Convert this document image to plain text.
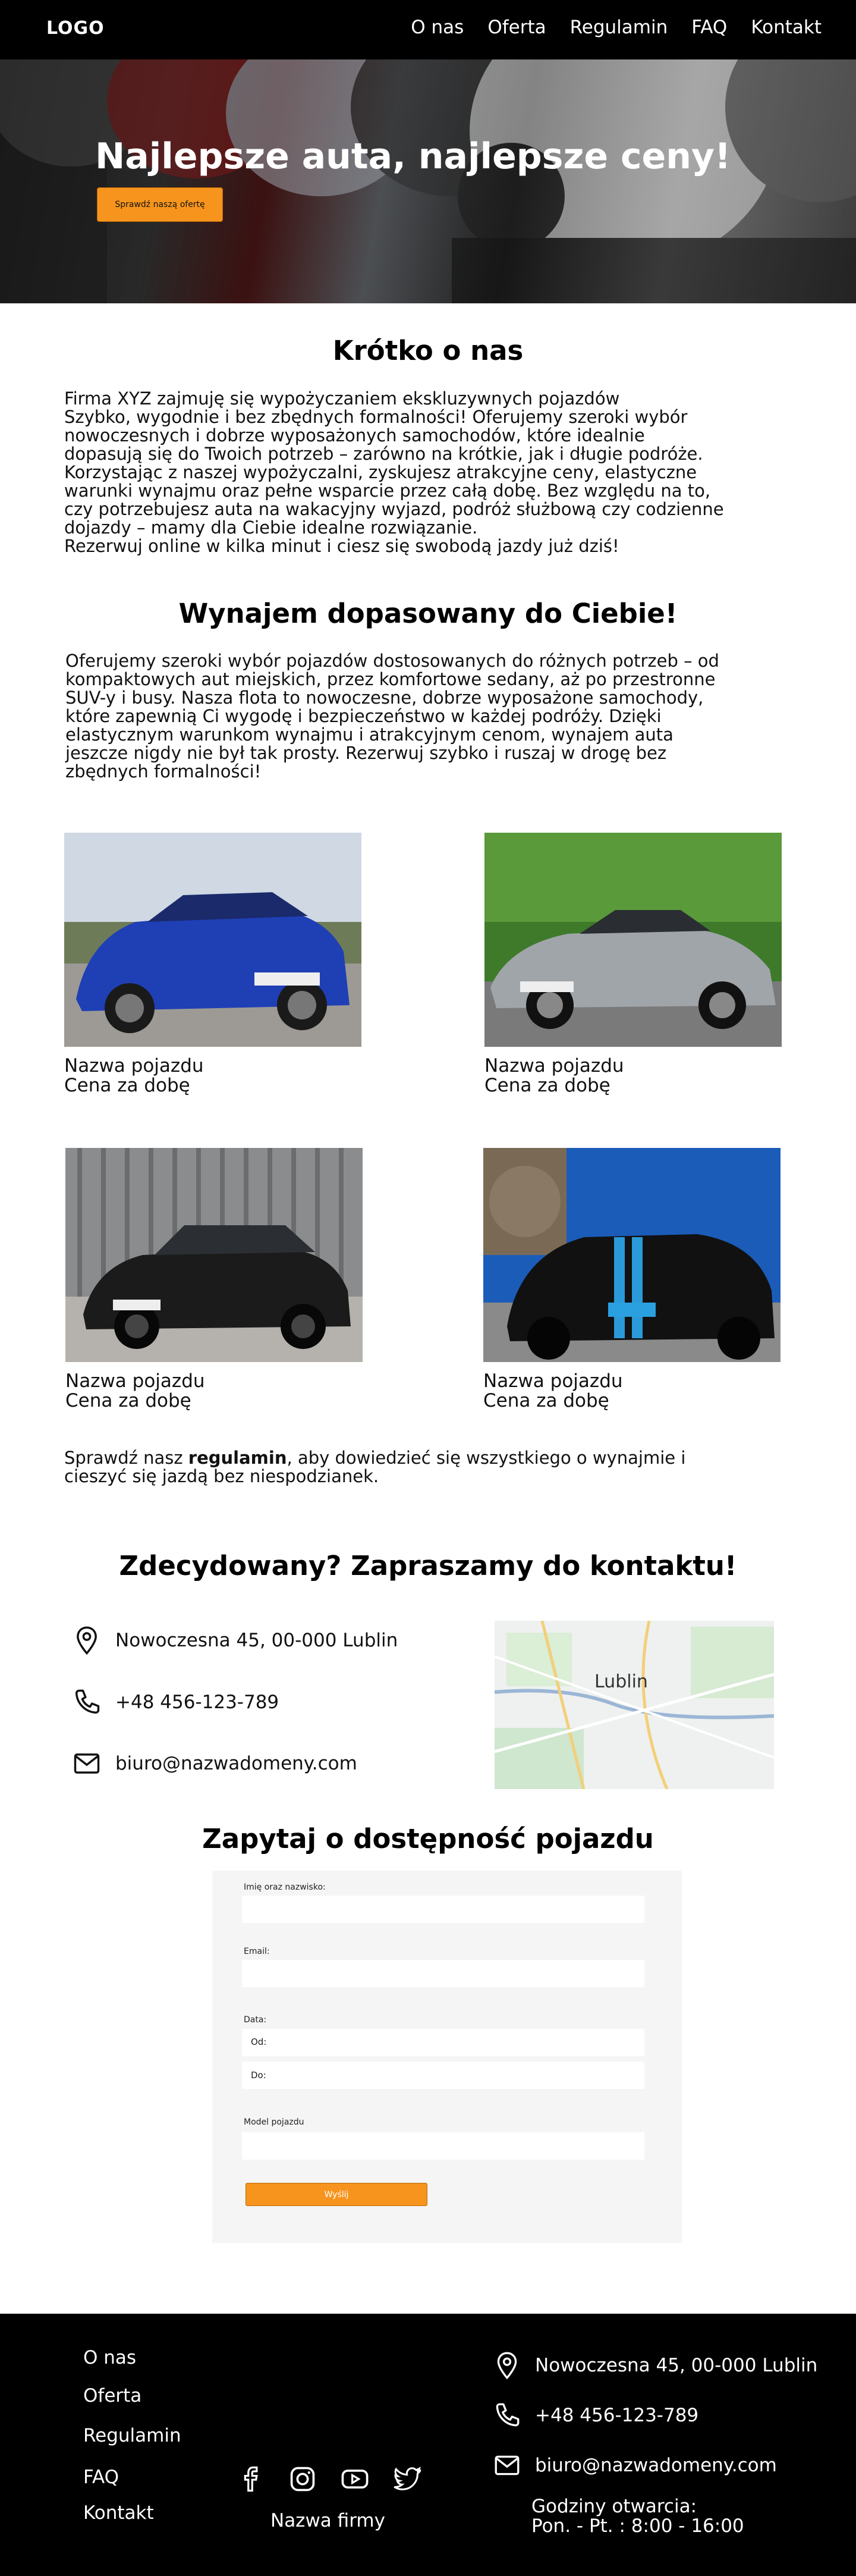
LOGO	O nas Oferta Regulamin FAQ Kontakt
Najlepsze auta, najlepsze ceny!
Sprawdź naszą ofertę
Krótko o nas
Firma XYZ zajmuję się wypożyczaniem ekskluzywnych pojazdów
Szybko, wygodnie i bez zbędnych formalności! Oferujemy szeroki wybór
nowoczesnych i dobrze wyposażonych samochodów, które idealnie
dopasują się do Twoich potrzeb – zarówno na krótkie, jak i długie podróże.
Korzystając z naszej wypożyczalni, zyskujesz atrakcyjne ceny, elastyczne
warunki wynajmu oraz pełne wsparcie przez całą dobę. Bez względu na to,
czy potrzebujesz auta na wakacyjny wyjazd, podróż służbową czy codzienne
dojazdy – mamy dla Ciebie idealne rozwiązanie.
Rezerwuj online w kilka minut i ciesz się swobodą jazdy już dziś!
Wynajem dopasowany do Ciebie!
Oferujemy szeroki wybór pojazdów dostosowanych do różnych potrzeb – od
kompaktowych aut miejskich, przez komfortowe sedany, aż po przestronne
SUV-y i busy. Nasza flota to nowoczesne, dobrze wyposażone samochody,
które zapewnią Ci wygodę i bezpieczeństwo w każdej podróży. Dzięki
elastycznym warunkom wynajmu i atrakcyjnym cenom, wynajem auta
jeszcze nigdy nie był tak prosty. Rezerwuj szybko i ruszaj w drogę bez
zbędnych formalności!
Nazwa pojazdu
Cena za dobę
Nazwa pojazdu
Cena za dobę
Nazwa pojazdu
Cena za dobę
Nazwa pojazdu
Cena za dobę
Sprawdź nasz regulamin, aby dowiedzieć się wszystkiego o wynajmie i
cieszyć się jazdą bez niespodzianek.
Zdecydowany? Zapraszamy do kontaktu!
Nowoczesna 45, 00-000 Lublin
+48 456-123-789
biuro@nazwadomeny.com
Lublin
Zapytaj o dostępność pojazdu
Imię oraz nazwisko:
Email:
Data:
Od:
Do:
Model pojazdu
Wyślij
O nas
Oferta
Regulamin
FAQ
Kontakt	Nazwa firmy
Nowoczesna 45, 00-000 Lublin
+48 456-123-789
biuro@nazwadomeny.com
Godziny otwarcia:
Pon. - Pt. : 8:00 - 16:00
